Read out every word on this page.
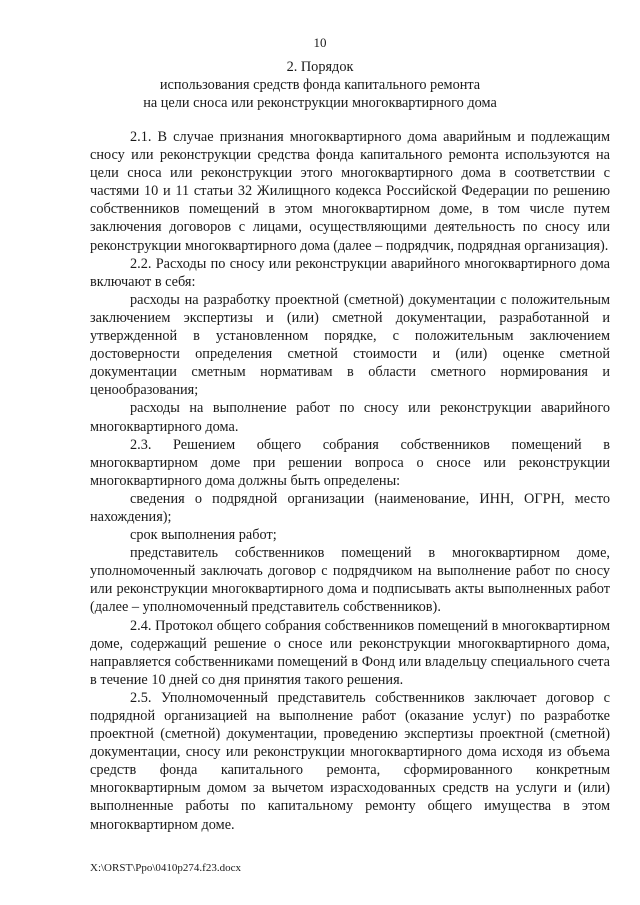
10
2. Порядок
использования средств фонда капитального ремонта
на цели сноса или реконструкции многоквартирного дома

2.1. В случае признания многоквартирного дома аварийным и подлежащим сносу или реконструкции средства фонда капитального ремонта используются на цели сноса или реконструкции этого многоквартирного дома в соответствии с частями 10 и 11 статьи 32 Жилищного кодекса Российской Федерации по решению собственников помещений в этом многоквартирном доме, в том числе путем заключения договоров с лицами, осуществляющими деятельность по сносу или реконструкции многоквартирного дома (далее – подрядчик, подрядная организация).

2.2. Расходы по сносу или реконструкции аварийного многоквартирного дома включают в себя:

расходы на разработку проектной (сметной) документации с положительным заключением экспертизы и (или) сметной документации, разработанной и утвержденной в установленном порядке, с положительным заключением достоверности определения сметной стоимости и (или) оценке сметной документации сметным нормативам в области сметного нормирования и ценообразования;

расходы на выполнение работ по сносу или реконструкции аварийного многоквартирного дома.

2.3. Решением общего собрания собственников помещений в многоквартирном доме при решении вопроса о сносе или реконструкции многоквартирного дома должны быть определены:

сведения о подрядной организации (наименование, ИНН, ОГРН, место нахождения);

срок выполнения работ;

представитель собственников помещений в многоквартирном доме, уполномоченный заключать договор с подрядчиком на выполнение работ по сносу или реконструкции многоквартирного дома и подписывать акты выполненных работ (далее – уполномоченный представитель собственников).

2.4. Протокол общего собрания собственников помещений в многоквартирном доме, содержащий решение о сносе или реконструкции многоквартирного дома, направляется собственниками помещений в Фонд или владельцу специального счета в течение 10 дней со дня принятия такого решения.

2.5. Уполномоченный представитель собственников заключает договор с подрядной организацией на выполнение работ (оказание услуг) по разработке проектной (сметной) документации, проведению экспертизы проектной (сметной) документации, сносу или реконструкции многоквартирного дома исходя из объема средств фонда капитального ремонта, сформированного конкретным многоквартирным домом за вычетом израсходованных средств на услуги и (или) выполненные работы по капитальному ремонту общего имущества в этом многоквартирном доме.

X:\ORST\Ppo\0410p274.f23.docx
